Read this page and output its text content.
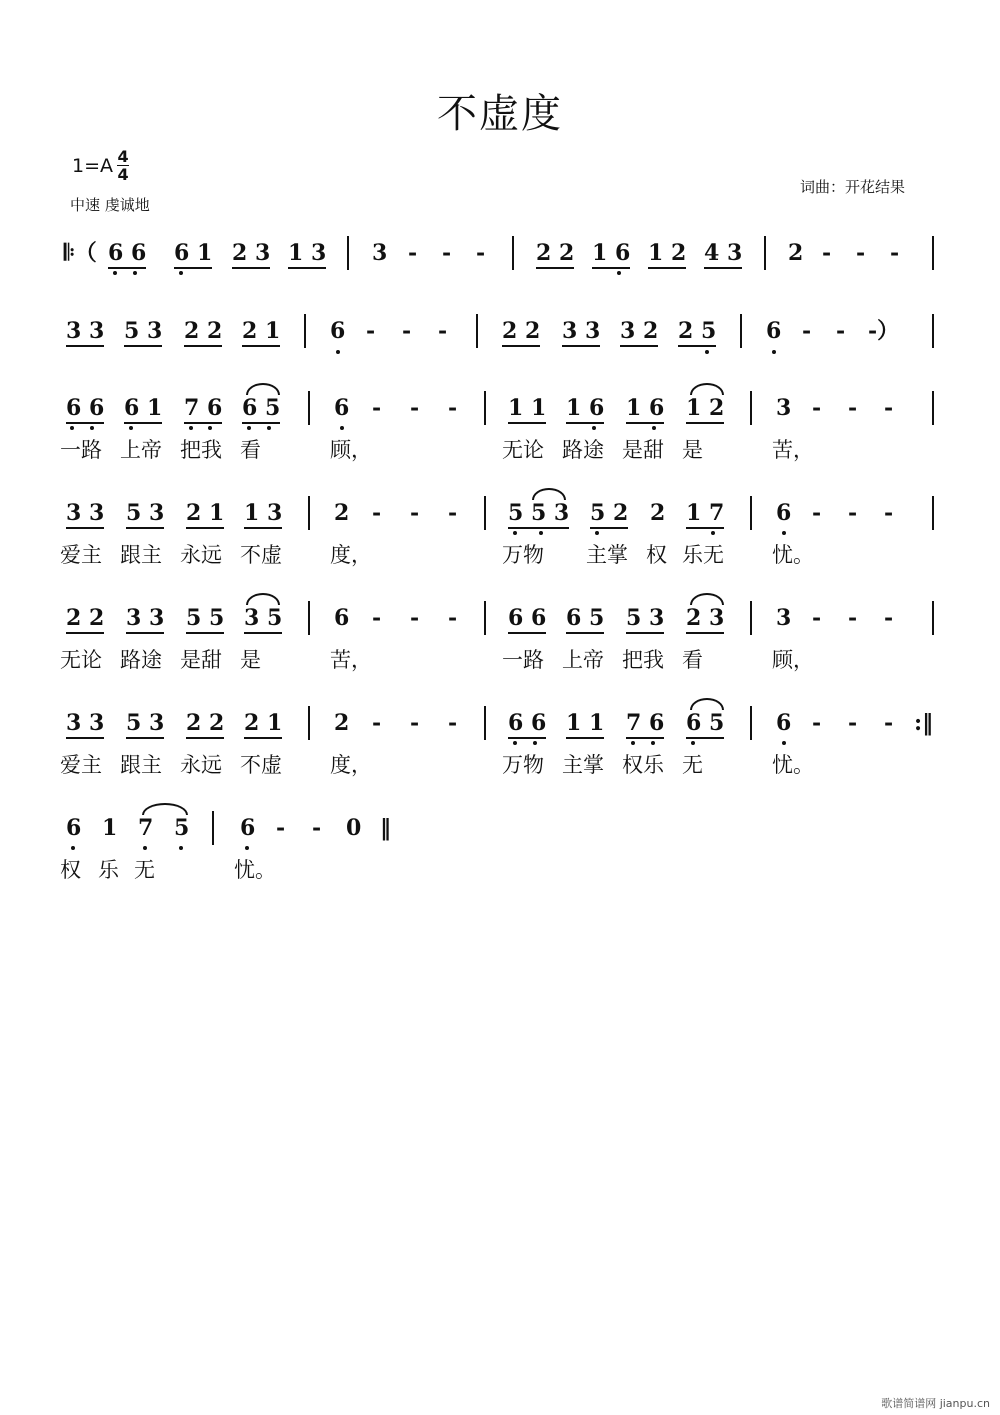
不虚度
1=A 4
4
中速 虔诚地
词曲：开花结果
𝄆（ 6 6 6 1 2 3 1 3 3 - - - 2 2 1 6 1 2 4 3 2 - - -
3 3 5 3 2 2 2 1 6 - - - 2 2 3 3 3 2 2 5 6 - - -）
6 6 6 1 7 6 6 5 6 - - - 1 1 1 6 1 6 1 2 3 - - -
一路 上帝 把我 看	顾，	无论 路途 是甜 是	苦，
3 3 5 3 2 1 1 3 2 - - - 5 5 3 5 2 2 1 7 6 - - -
爱主 跟主 永远 不虚 度，	万物 主掌 权 乐无 忧。
2 2 3 3 5 5 3 5 6 - - - 6 6 6 5 5 3 2 3 3 - - -
无论 路途 是甜 是	苦，	一路 上帝 把我 看	顾，
3 3 5 3 2 2 2 1 2 - - - 6 6 1 1 7 6 6 5 6 - - - :‖
爱主 跟主 永远 不虚 度，	万物 主掌 权乐 无	忧。
6 1 7 5 6 - - 0 ‖
权 乐 无	忧。
歌谱简谱网 jianpu.cn
